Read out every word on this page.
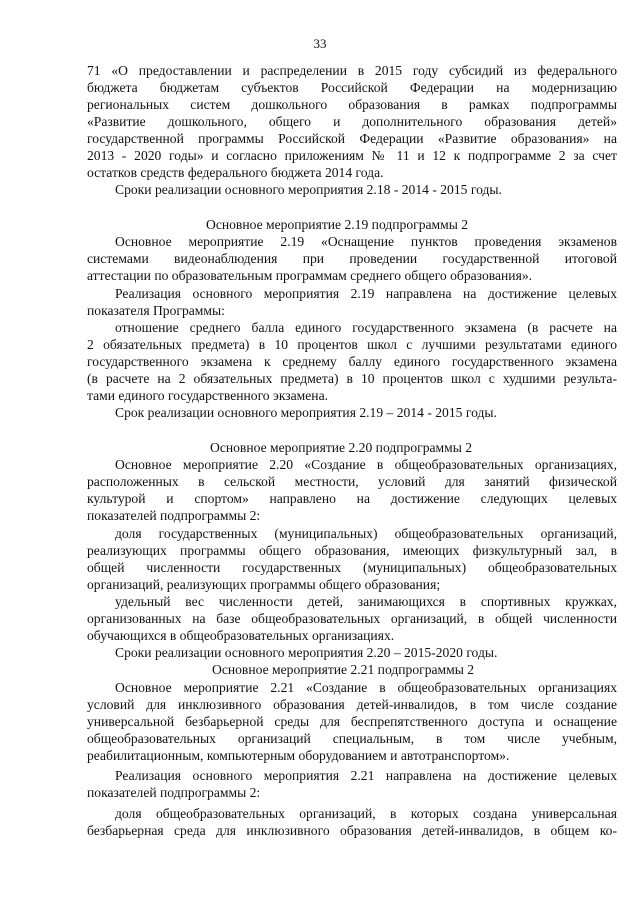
33

71 «О предоставлении и распределении в 2015 году субсидий из федерального

бюджета бюджетам субъектов Российской Федерации на модернизацию

региональных систем дошкольного образования в рамках подпрограммы

«Развитие дошкольного, общего и дополнительного образования детей»

государственной программы Российской Федерации «Развитие образования» на

2013 - 2020 годы» и согласно приложениям № 11 и 12 к подпрограмме 2 за счет

остатков средств федерального бюджета 2014 года.

Сроки реализации основного мероприятия 2.18 - 2014 - 2015 годы.

Основное мероприятие 2.19 подпрограммы 2

Основное мероприятие 2.19 «Оснащение пунктов проведения экзаменов

системами видеонаблюдения при проведении государственной итоговой

аттестации по образовательным программам среднего общего образования».

Реализация основного мероприятия 2.19 направлена на достижение целевых

показателя Программы:

отношение среднего балла единого государственного экзамена (в расчете на

2 обязательных предмета) в 10 процентов школ с лучшими результатами единого

государственного экзамена к среднему баллу единого государственного экзамена

(в расчете на 2 обязательных предмета) в 10 процентов школ с худшими результа-

тами единого государственного экзамена.

Срок реализации основного мероприятия 2.19 – 2014 - 2015 годы.

Основное мероприятие 2.20 подпрограммы 2

Основное мероприятие 2.20 «Создание в общеобразовательных организациях,

расположенных в сельской местности, условий для занятий физической

культурой и спортом» направлено на достижение следующих целевых

показателей подпрограммы 2:

доля государственных (муниципальных) общеобразовательных организаций,

реализующих программы общего образования, имеющих физкультурный зал, в

общей численности государственных (муниципальных) общеобразовательных

организаций, реализующих программы общего образования;

удельный вес численности детей, занимающихся в спортивных кружках,

организованных на базе общеобразовательных организаций, в общей численности

обучающихся в общеобразовательных организациях.

Сроки реализации основного мероприятия 2.20 – 2015-2020 годы.

Основное мероприятие 2.21 подпрограммы 2

Основное мероприятие 2.21 «Создание в общеобразовательных организациях

условий для инклюзивного образования детей-инвалидов, в том числе создание

универсальной безбарьерной среды для беспрепятственного доступа и оснащение

общеобразовательных организаций специальным, в том числе учебным,

реабилитационным, компьютерным оборудованием и автотранспортом».

Реализация основного мероприятия 2.21 направлена на достижение целевых

показателей подпрограммы 2:

доля общеобразовательных организаций, в которых создана универсальная

безбарьерная среда для инклюзивного образования детей-инвалидов, в общем ко-
